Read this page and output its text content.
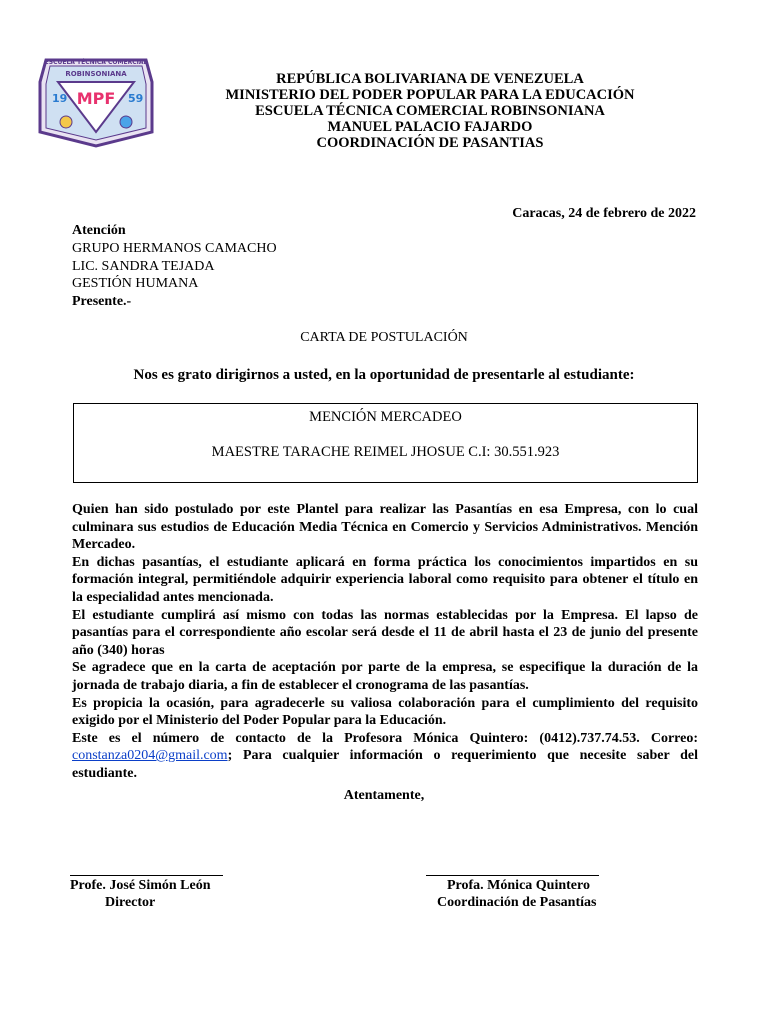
ESCUELA TÉCNICA COMERCIAL
ROBINSONIANA
MPF
19	59
REPÚBLICA BOLIVARIANA DE VENEZUELA
MINISTERIO DEL PODER POPULAR PARA LA EDUCACIÓN
ESCUELA TÉCNICA COMERCIAL ROBINSONIANA
MANUEL PALACIO FAJARDO
COORDINACIÓN DE PASANTIAS
Caracas, 24 de febrero de 2022
Atención
GRUPO HERMANOS CAMACHO
LIC. SANDRA TEJADA
GESTIÓN HUMANA
Presente.-
CARTA DE POSTULACIÓN
Nos es grato dirigirnos a usted, en la oportunidad de presentarle al estudiante:
MENCIÓN MERCADEO
MAESTRE TARACHE REIMEL JHOSUE C.I: 30.551.923

Quien han sido postulado por este Plantel para realizar las Pasantías en esa Empresa, con lo cual culminara sus estudios de Educación Media Técnica en Comercio y Servicios Administrativos. Mención Mercadeo.

En dichas pasantías, el estudiante aplicará en forma práctica los conocimientos impartidos en su formación integral, permitiéndole adquirir experiencia laboral como requisito para obtener el título en la especialidad antes mencionada.

El estudiante cumplirá así mismo con todas las normas establecidas por la Empresa. El lapso de pasantías para el correspondiente año escolar será desde el 11 de abril hasta el 23 de junio del presente año (340) horas

Se agradece que en la carta de aceptación por parte de la empresa, se especifique la duración de la jornada de trabajo diaria, a fin de establecer el cronograma de las pasantías.

Es propicia la ocasión, para agradecerle su valiosa colaboración para el cumplimiento del requisito exigido por el Ministerio del Poder Popular para la Educación.

Este es el número de contacto de la Profesora Mónica Quintero: (0412).737.74.53. Correo: constanza0204@gmail.com; Para cualquier información o requerimiento que necesite saber del estudiante.

Atentamente,
Profe. José Simón León
Director
Profa. Mónica Quintero
Coordinación de Pasantías
